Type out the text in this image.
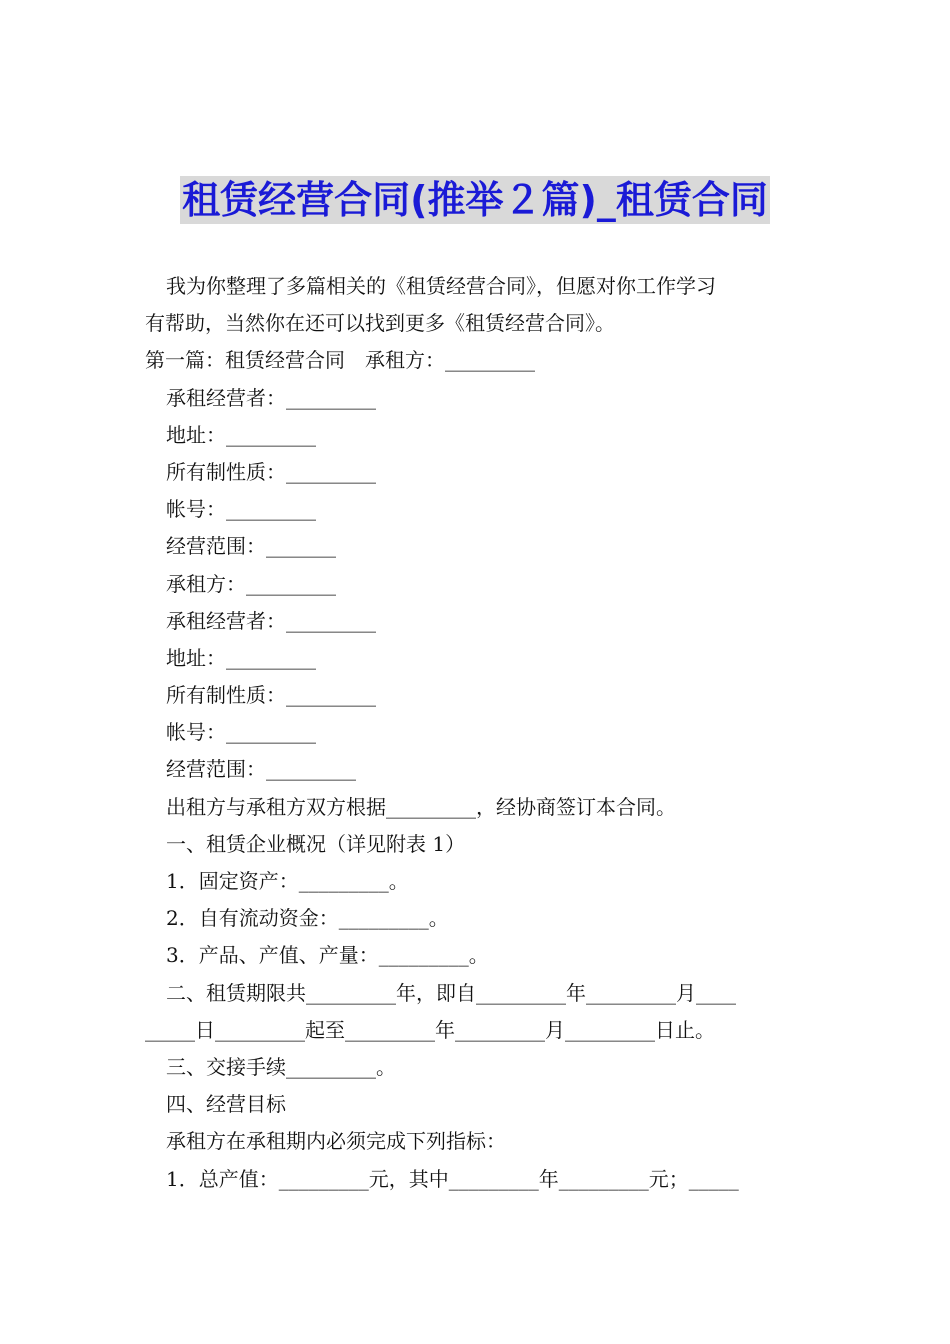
租赁经营合同(推举２篇)_租赁合同
我为你整理了多篇相关的《租赁经营合同》，但愿对你工作学习
有帮助，当然你在还可以找到更多《租赁经营合同》。
第一篇：租赁经营合同　承租方：_________
承租经营者：_________
地址：_________
所有制性质：_________
帐号：_________
经营范围：_______
承租方：_________
承租经营者：_________
地址：_________
所有制性质：_________
帐号：_________
经营范围：_________
出租方与承租方双方根据_________，经协商签订本合同。
一、租赁企业概况（详见附表 1）
1．固定资产：_________。
2．自有流动资金：_________。
3．产品、产值、产量：_________。
二、租赁期限共_________年，即自_________年_________月____
_____日_________起至_________年_________月_________日止。
三、交接手续_________。
四、经营目标
承租方在承租期内必须完成下列指标：
1．总产值：_________元，其中_________年_________元；_____
